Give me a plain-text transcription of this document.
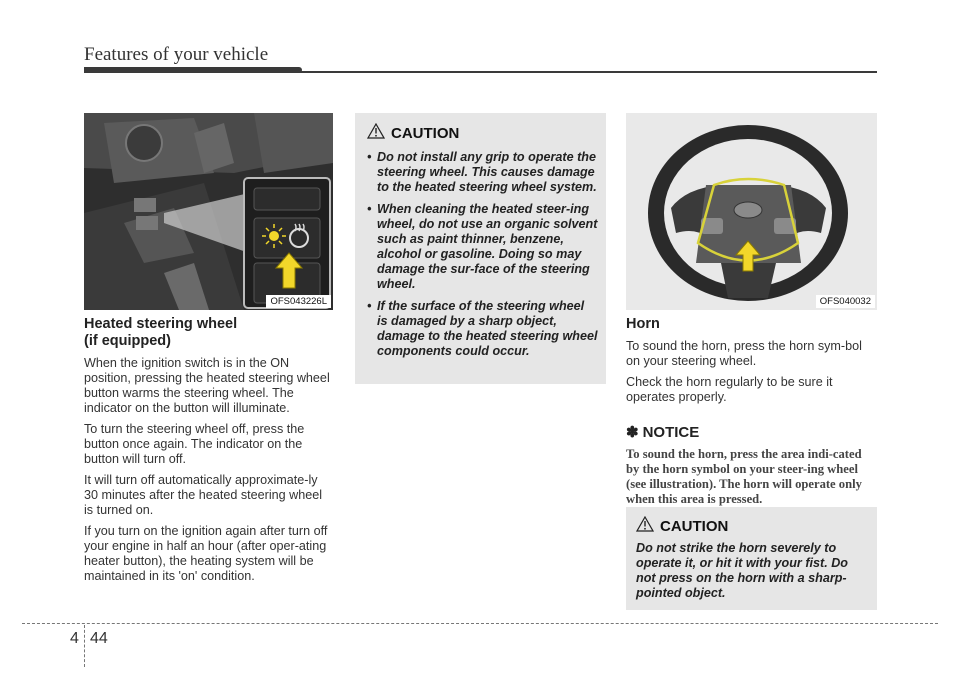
Features of your vehicle
OFS043226L
Heated steering wheel
(if equipped)
When the ignition switch is in the ON position, pressing the heated steering wheel button warms the steering wheel. The indicator on the button will illuminate.
To turn the steering wheel off, press the button once again. The indicator on the button will turn off.
It will turn off automatically approximate-ly 30 minutes after the heated steering wheel is turned on.
If you turn on the ignition again after turn off your engine in half an hour (after oper-ating heater button), the heating system will be maintained in its 'on' condition.
CAUTION
• Do not install any grip to operate the steering wheel. This causes damage to the heated steering wheel system.
• When cleaning the heated steer-ing wheel, do not use an organic solvent such as paint thinner, benzene, alcohol or gasoline. Doing so may damage the sur-face of the steering wheel.
• If the surface of the steering wheel is damaged by a sharp object, damage to the heated steering wheel components could occur.
OFS040032
Horn
To sound the horn, press the horn sym-bol on your steering wheel.
Check the horn regularly to be sure it operates properly.
✽ NOTICE
To sound the horn, press the area indi-cated by the horn symbol on your steer-ing wheel (see illustration). The horn will operate only when this area is pressed.
CAUTION
Do not strike the horn severely to operate it, or hit it with your fist. Do not press on the horn with a sharp-pointed object.
4 44
